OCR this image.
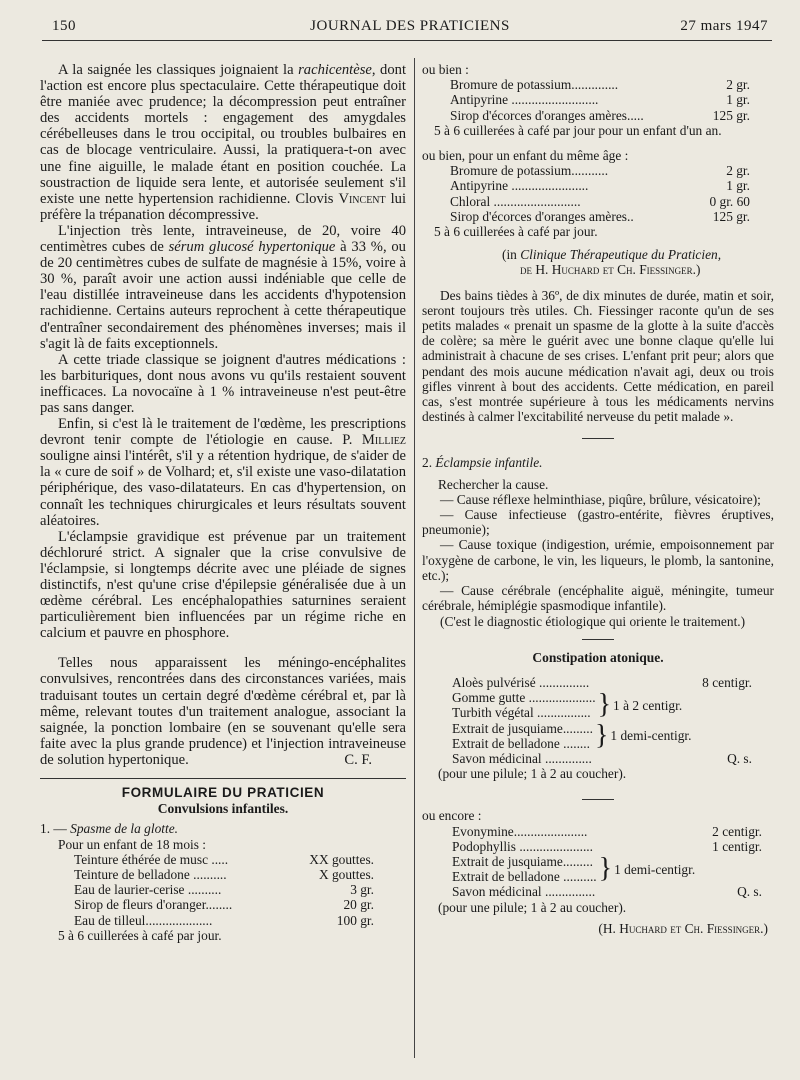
150	JOURNAL DES PRATICIENS	27 mars 1947

A la saignée les classiques joignaient la rachicentèse, dont l'action est encore plus spectaculaire. Cette thérapeutique doit être maniée avec prudence; la décompression peut entraîner des accidents mortels : engagement des amygdales cérébelleuses dans le trou occipital, ou troubles bulbaires en cas de blocage ventriculaire. Aussi, la pratiquera-t-on avec une fine aiguille, le malade étant en position couchée. La soustraction de liquide sera lente, et autorisée seulement s'il existe une nette hypertension rachidienne. Clovis Vincent lui préfère la trépanation décompressive.

L'injection très lente, intraveineuse, de 20, voire 40 centimètres cubes de sérum glucosé hypertonique à 33 %, ou de 20 centimètres cubes de sulfate de magnésie à 15%, voire à 30 %, paraît avoir une action aussi indéniable que celle de l'eau distillée intraveineuse dans les accidents d'hypotension rachidienne. Certains auteurs reprochent à cette thérapeutique d'entraîner secondairement des phénomènes inverses; mais il s'agit là de faits exceptionnels.

A cette triade classique se joignent d'autres médications : les barbituriques, dont nous avons vu qu'ils restaient souvent inefficaces. La novocaïne à 1 % intraveineuse n'est peut-être pas sans danger.

Enfin, si c'est là le traitement de l'œdème, les prescriptions devront tenir compte de l'étiologie en cause. P. Milliez souligne ainsi l'intérêt, s'il y a rétention hydrique, de s'aider de la « cure de soif » de Volhard; et, s'il existe une vaso-dilatation périphérique, des vaso-dilatateurs. En cas d'hypertension, on connaît les techniques chirurgicales et leurs résultats souvent aléatoires.

L'éclampsie gravidique est prévenue par un traitement déchloruré strict. A signaler que la crise convulsive de l'éclampsie, si longtemps décrite avec une pléiade de signes distinctifs, n'est qu'une crise d'épilepsie généralisée due à un œdème cérébral. Les encéphalopathies saturnines seraient particulièrement bien influencées par un régime riche en calcium et pauvre en phosphore.

Telles nous apparaissent les méningo-encéphalites convulsives, rencontrées dans des circonstances variées, mais traduisant toutes un certain degré d'œdème cérébral et, par là même, relevant toutes d'un traitement analogue, associant la saignée, la ponction lombaire (en se souvenant qu'elle sera faite avec la plus grande prudence) et l'injection intraveineuse de solution hypertonique.	C. F.
FORMULAIRE DU PRATICIEN
Convulsions infantiles.
1. — Spasme de la glotte.
Pour un enfant de 18 mois :
Teinture éthérée de musc .....	XX gouttes.
Teinture de belladone ..........	X gouttes.
Eau de laurier-cerise ..........	3 gr.
Sirop de fleurs d'oranger........	20 gr.
Eau de tilleul....................	100 gr.
5 à 6 cuillerées à café par jour.
ou bien :
Bromure de potassium..............	2 gr.
Antipyrine ..........................	1 gr.
Sirop d'écorces d'oranges amères.....	125 gr.
5 à 6 cuillerées à café par jour pour un enfant d'un an.
ou bien, pour un enfant du même âge :
Bromure de potassium...........	2 gr.
Antipyrine .......................	1 gr.
Chloral ..........................	0 gr. 60
Sirop d'écorces d'oranges amères..	125 gr.
5 à 6 cuillerées à café par jour.
(in Clinique Thérapeutique du Praticien,
de H. Huchard et Ch. Fiessinger.)

Des bains tièdes à 36º, de dix minutes de durée, matin et soir, seront toujours très utiles. Ch. Fiessinger raconte qu'un de ses petits malades « prenait un spasme de la glotte à la suite d'accès de colère; sa mère le guérit avec une bonne claque qu'elle lui administrait à chacune de ses crises. L'enfant prit peur; alors que pendant des mois aucune médication n'avait agi, deux ou trois gifles vinrent à bout des accidents. Cette médication, en pareil cas, s'est montrée supérieure à tous les médicaments nervins destinés à calmer l'excitabilité nerveuse du petit malade ».

2. Éclampsie infantile.
Rechercher la cause.

— Cause réflexe helminthiase, piqûre, brûlure, vésicatoire);

— Cause infectieuse (gastro-entérite, fièvres éruptives, pneumonie);

— Cause toxique (indigestion, urémie, empoisonnement par l'oxygène de carbone, le vin, les liqueurs, le plomb, la santonine, etc.);

— Cause cérébrale (encéphalite aiguë, méningite, tumeur cérébrale, hémiplégie spasmodique infantile).

(C'est le diagnostic étiologique qui oriente le traitement.)

Constipation atonique.
Aloès pulvérisé ...............	8 centigr.
Gomme gutte ....................
Turbith végétal ................ } 1 à 2 centigr.
Extrait de jusquiame.........
Extrait de belladone ........ } 1 demi-centigr.
Savon médicinal ..............	Q. s.
(pour une pilule; 1 à 2 au coucher).
ou encore :
Evonymine......................	2 centigr.
Podophyllis ......................	1 centigr.
Extrait de jusquiame.........
Extrait de belladone .......... } 1 demi-centigr.
Savon médicinal ...............	Q. s.
(pour une pilule; 1 à 2 au coucher).
(H. Huchard et Ch. Fiessinger.)
